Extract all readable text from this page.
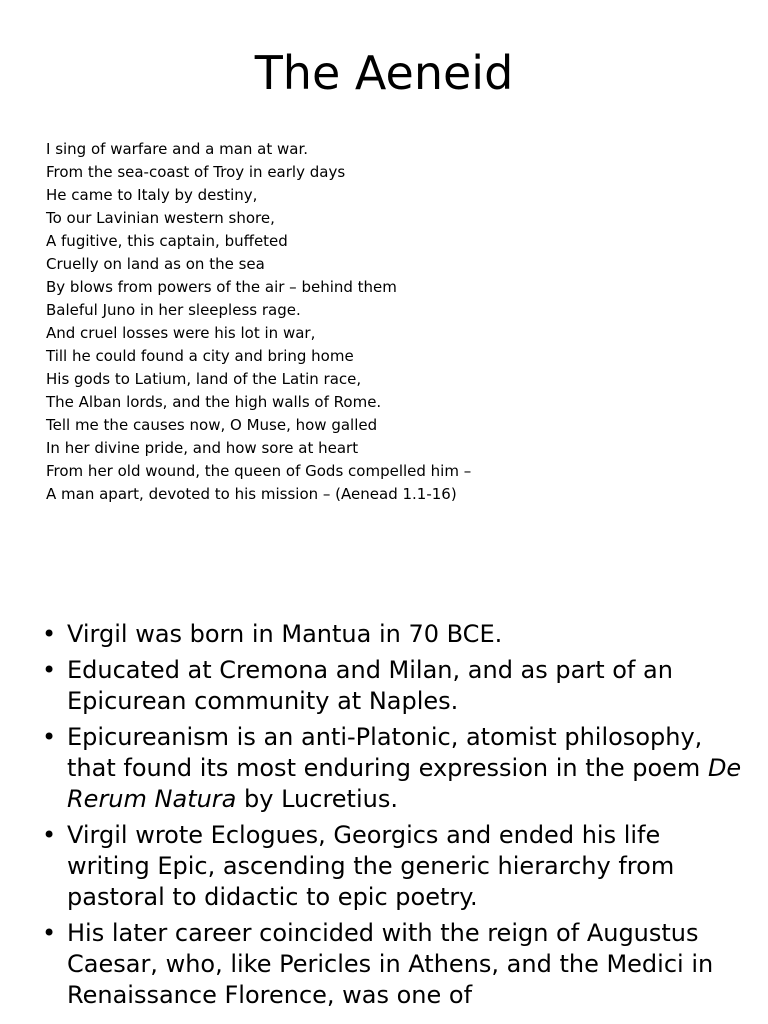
The Aeneid
I sing of warfare and a man at war.
From the sea-coast of Troy in early days
He came to Italy by destiny,
To our Lavinian western shore,
A fugitive, this captain, buffeted
Cruelly on land as on the sea
By blows from powers of the air – behind them
Baleful Juno in her sleepless rage.
And cruel losses were his lot in war,
Till he could found a city and bring home
His gods to Latium, land of the Latin race,
The Alban lords, and the high walls of Rome.
Tell me the causes now, O Muse, how galled
In her divine pride, and how sore at heart
From her old wound, the queen of Gods compelled him –
A man apart, devoted to his mission – (Aenead 1.1-16)
• Virgil was born in Mantua in 70 BCE.
• Educated at Cremona and Milan, and as part of an Epicurean community at Naples.
• Epicureanism is an anti-Platonic, atomist philosophy, that found its most enduring expression in the poem De Rerum Natura by Lucretius.
• Virgil wrote Eclogues, Georgics and ended his life writing Epic, ascending the generic hierarchy from pastoral to didactic to epic poetry.
• His later career coincided with the reign of Augustus Caesar, who, like Pericles in Athens, and the Medici in Renaissance Florence, was one of
